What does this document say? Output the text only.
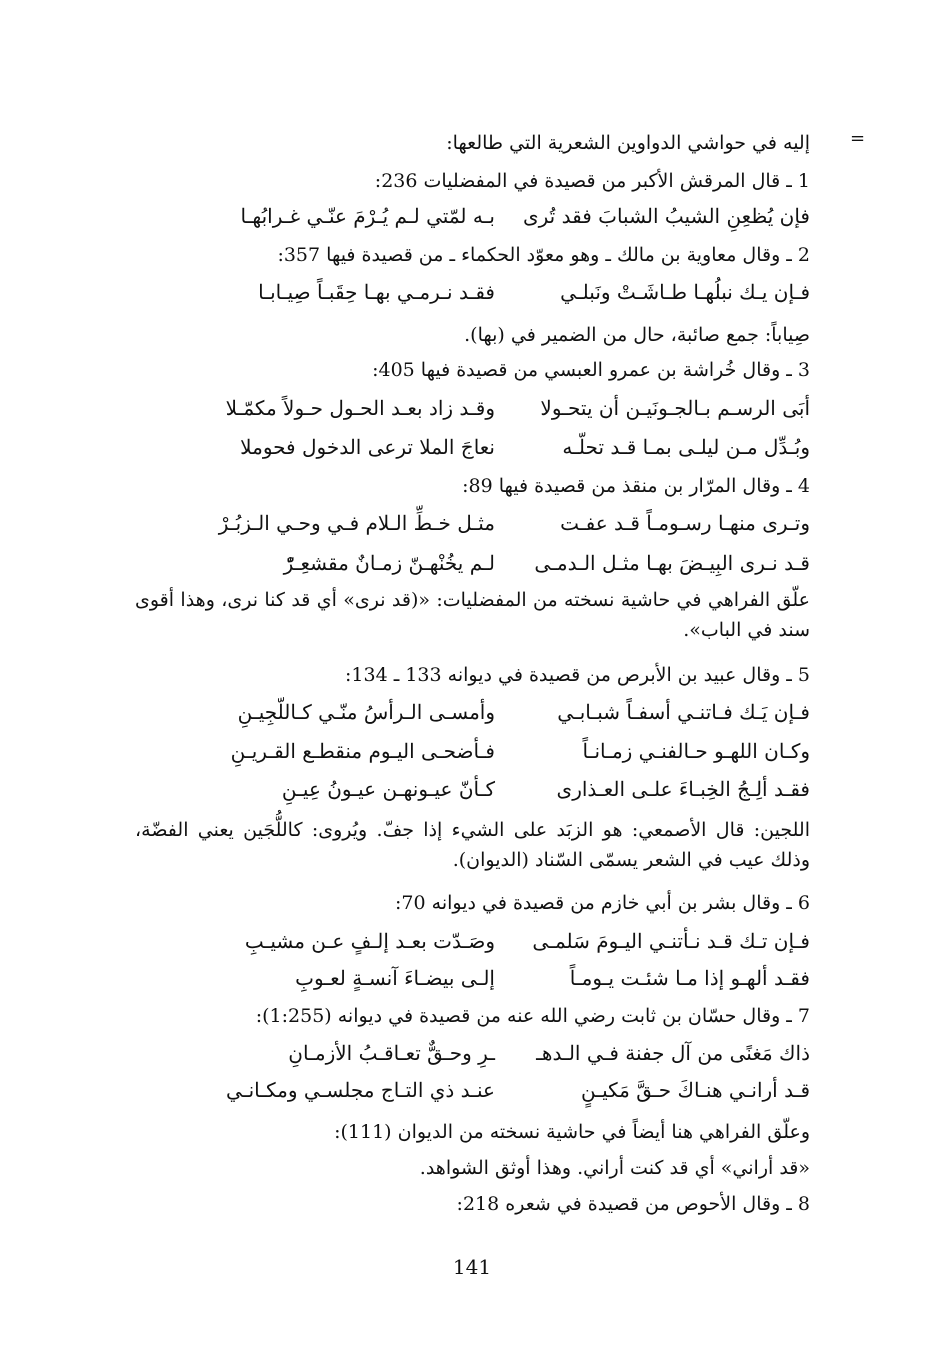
=
إليه في حواشي الدواوين الشعرية التي طالعها:
1 ـ قال المرقش الأكبر من قصيدة في المفضليات 236:
فإن يُظعِنِ الشيبُ الشبابَ فقد تُرى
بـه لمّتي لـم يُـرْمَ عنّـي غـرابُهـا
2 ـ وقال معاوية بن مالك ـ وهو معوّد الحكماء ـ من قصيدة فيها 357:
فـإن يـك نبلُهـا طـاشَـتْ ونَبلـي
فقـد نـرمـي بهـا حِقَبـاً صِيـابـا
صِياباً: جمع صائبة، حال من الضمير في (بها).
3 ـ وقال خُراشة بن عمرو العبسي من قصيدة فيها 405:
أبَى الرسـم بـالجـونَيـن أن يتحـولا
وقـد زاد بعـد الحـول حـولاً مكمّـلا
وبُـدِّل مـن ليلـى بمـا قـد تحلّـه
نعاجَ الملا ترعى الدخول فحوملا
4 ـ وقال المرّار بن منقذ من قصيدة فيها 89:
وتـرى منهـا رسـومـاً قـد عفـت
مثـل خـطِّ الـلام فـي وحـي الـزبُـرْ
قـد نـرى البِيـضَ بهـا مثـل الـدمـى
لـم يخُنْهـنّ زمـانٌ مقشعِـرّْ
علّق الفراهي في حاشية نسخته من المفضليات: «(قد نرى» أي قد كنا نرى، وهذا أقوى سند في الباب».
5 ـ وقال عبيد بن الأبرص من قصيدة في ديوانه 133 ـ 134:
فـإن يَـك فـاتنـي أسفـاً شبـابـي
وأمسـى الـرأسُ منّـي كـاللّجِيـنِ
وكـان اللهـو حـالفنـي زمـانـاً
فـأضحـى اليـوم منقطـع القـريـنِ
فقـد ألِـجُ الخِبـاءَ علـى العـذارى
كـأنّ عيـونهـن عيـونُ عِيـنِ
اللجين: قال الأصمعي: هو الزبَد على الشيء إذا جفّ. ويُروى: كاللُّجَين يعني الفضّة، وذلك عيب في الشعر يسمّى السّناد (الديوان).
6 ـ وقال بشر بن أبي خازم من قصيدة في ديوانه 70:
فـإن تـك قـد نـأتنـي اليـومَ سَلمـى
وصَـدّت بعـد إلـفٍ عـن مشيـبِ
فقـد ألهـو إذا مـا شئـت يـومـاً
إلـى بيضـاءَ آنسـةٍ لعـوبِ
7 ـ وقال حسّان بن ثابت رضي الله عنه من قصيدة في ديوانه (1:255):
ذاك مَغنًى من آل جفنة فـي الـدهـ
ـرِ وحـقٌّ تعـاقـبُ الأزمـانِ
قـد أرانـي هنـاكَ حـقَّ مَكيـنٍ
عنـد ذي التـاج مجلسـي ومكـانـي
وعلّق الفراهي هنا أيضاً في حاشية نسخته من الديوان (111):
«قد أراني» أي قد كنت أراني. وهذا أوثق الشواهد.
8 ـ وقال الأحوص من قصيدة في شعره 218:
141
